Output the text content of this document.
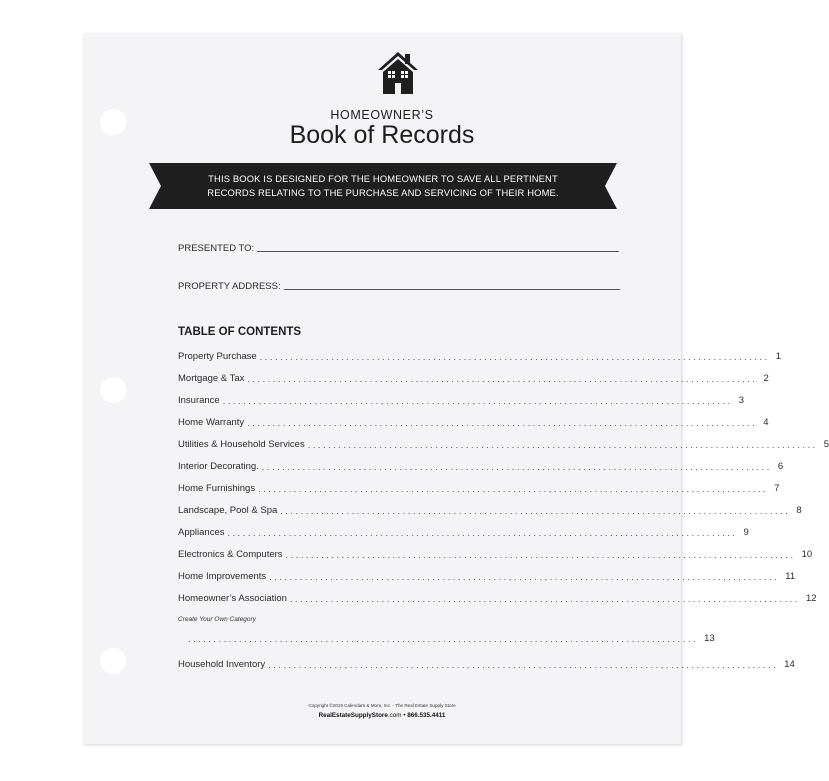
HOMEOWNER’S
Book of Records
THIS BOOK IS DESIGNED FOR THE HOMEOWNER TO SAVE ALL PERTINENT
RECORDS RELATING TO THE PURCHASE AND SERVICING OF THEIR HOME.
PRESENTED TO:
PROPERTY ADDRESS:
TABLE OF CONTENTS
Property Purchase .................................................................................................... 1
Mortgage & Tax .................................................................................................... 2
Insurance .................................................................................................... 3
Home Warranty .................................................................................................... 4
Utilities & Household Services .................................................................................................... 5
Interior Decorating. .................................................................................................... 6
Home Furnishings .................................................................................................... 7
Landscape, Pool & Spa .................................................................................................... 8
Appliances .................................................................................................... 9
Electronics & Computers .................................................................................................... 10
Home Improvements .................................................................................................... 11
Homeowner’s Association .................................................................................................... 12
Create Your Own Category
.................................................................................................... 13
Household Inventory .................................................................................................... 14
Copyright ©2019 Calendars & More, Inc. - The Real Estate Supply Store
RealEstateSupplyStore.com • 866.535.4411
